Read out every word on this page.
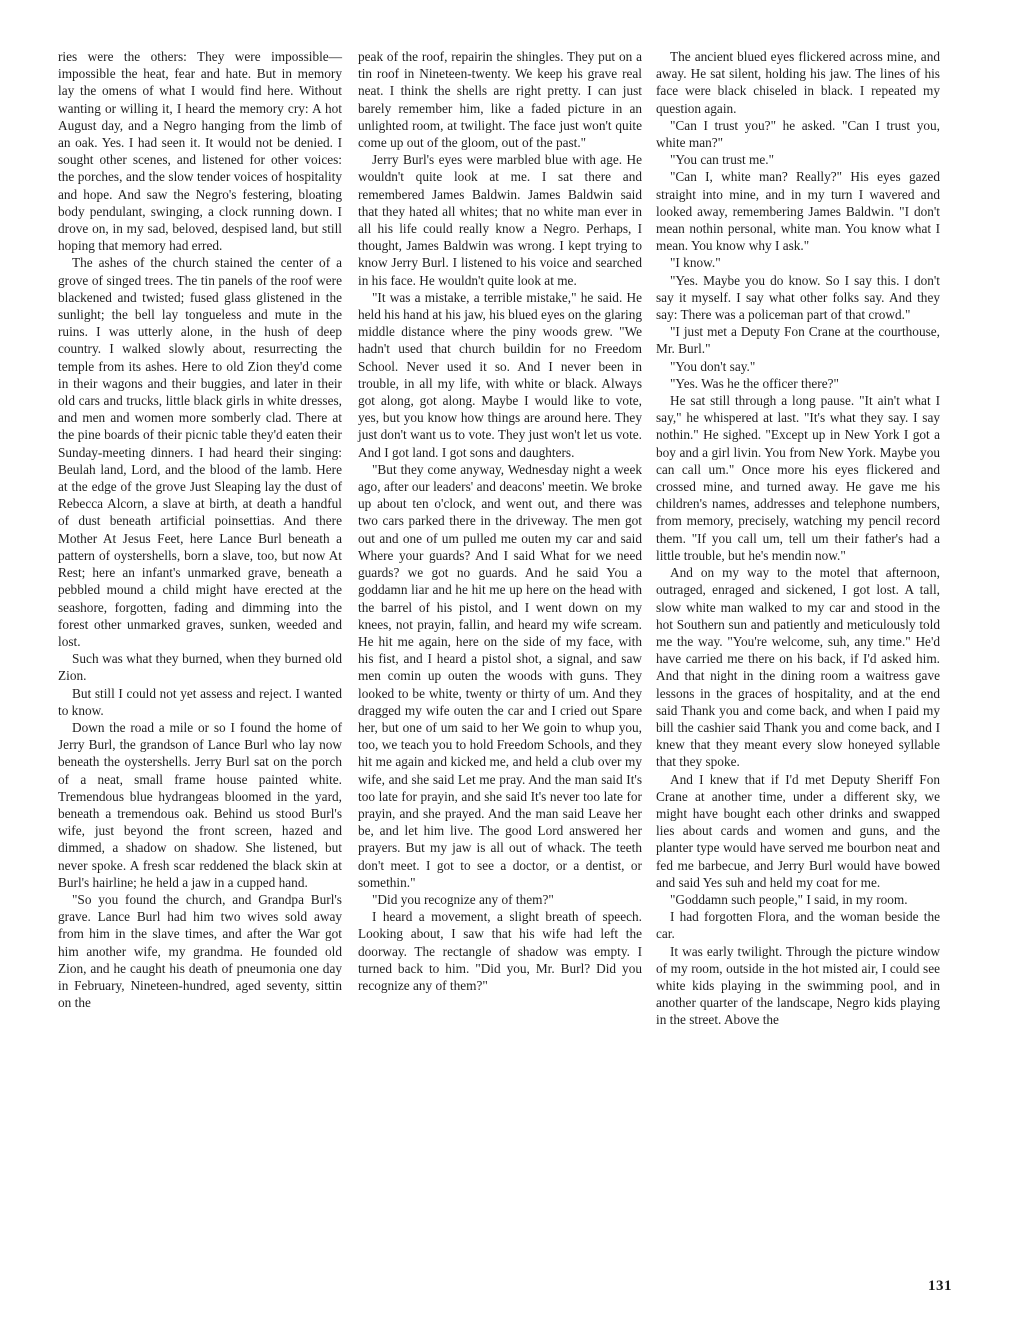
ries were the others: They were impossible—impossible the heat, fear and hate. But in memory lay the omens of what I would find here. Without wanting or willing it, I heard the memory cry: A hot August day, and a Negro hanging from the limb of an oak. Yes. I had seen it. It would not be denied. I sought other scenes, and listened for other voices: the porches, and the slow tender voices of hospitality and hope. And saw the Negro's festering, bloating body pendulant, swinging, a clock running down. I drove on, in my sad, beloved, despised land, but still hoping that memory had erred.

The ashes of the church stained the center of a grove of singed trees. The tin panels of the roof were blackened and twisted; fused glass glistened in the sunlight; the bell lay tongueless and mute in the ruins. I was utterly alone, in the hush of deep country. I walked slowly about, resurrecting the temple from its ashes. Here to old Zion they'd come in their wagons and their buggies, and later in their old cars and trucks, little black girls in white dresses, and men and women more somberly clad. There at the pine boards of their picnic table they'd eaten their Sunday-meeting dinners. I had heard their singing: Beulah land, Lord, and the blood of the lamb. Here at the edge of the grove Just Sleaping lay the dust of Rebecca Alcorn, a slave at birth, at death a handful of dust beneath artificial poinsettias. And there Mother At Jesus Feet, here Lance Burl beneath a pattern of oystershells, born a slave, too, but now At Rest; here an infant's unmarked grave, beneath a pebbled mound a child might have erected at the seashore, forgotten, fading and dimming into the forest other unmarked graves, sunken, weeded and lost.

Such was what they burned, when they burned old Zion.

But still I could not yet assess and reject. I wanted to know.

Down the road a mile or so I found the home of Jerry Burl, the grandson of Lance Burl who lay now beneath the oystershells. Jerry Burl sat on the porch of a neat, small frame house painted white. Tremendous blue hydrangeas bloomed in the yard, beneath a tremendous oak. Behind us stood Burl's wife, just beyond the front screen, hazed and dimmed, a shadow on shadow. She listened, but never spoke. A fresh scar reddened the black skin at Burl's hairline; he held a jaw in a cupped hand.

"So you found the church, and Grandpa Burl's grave. Lance Burl had him two wives sold away from him in the slave times, and after the War got him another wife, my grandma. He founded old Zion, and he caught his death of pneumonia one day in February, Nineteen-hundred, aged seventy, sittin on the

peak of the roof, repairin the shingles. They put on a tin roof in Nineteen-twenty. We keep his grave real neat. I think the shells are right pretty. I can just barely remember him, like a faded picture in an unlighted room, at twilight. The face just won't quite come up out of the gloom, out of the past."

Jerry Burl's eyes were marbled blue with age. He wouldn't quite look at me. I sat there and remembered James Baldwin. James Baldwin said that they hated all whites; that no white man ever in all his life could really know a Negro. Perhaps, I thought, James Baldwin was wrong. I kept trying to know Jerry Burl. I listened to his voice and searched in his face. He wouldn't quite look at me.

"It was a mistake, a terrible mistake," he said. He held his hand at his jaw, his blued eyes on the glaring middle distance where the piny woods grew. "We hadn't used that church buildin for no Freedom School. Never used it so. And I never been in trouble, in all my life, with white or black. Always got along, got along. Maybe I would like to vote, yes, but you know how things are around here. They just don't want us to vote. They just won't let us vote. And I got land. I got sons and daughters.

"But they come anyway, Wednesday night a week ago, after our leaders' and deacons' meetin. We broke up about ten o'clock, and went out, and there was two cars parked there in the driveway. The men got out and one of um pulled me outen my car and said Where your guards? And I said What for we need guards? we got no guards. And he said You a goddamn liar and he hit me up here on the head with the barrel of his pistol, and I went down on my knees, not prayin, fallin, and heard my wife scream. He hit me again, here on the side of my face, with his fist, and I heard a pistol shot, a signal, and saw men comin up outen the woods with guns. They looked to be white, twenty or thirty of um. And they dragged my wife outen the car and I cried out Spare her, but one of um said to her We goin to whup you, too, we teach you to hold Freedom Schools, and they hit me again and kicked me, and held a club over my wife, and she said Let me pray. And the man said It's too late for prayin, and she said It's never too late for prayin, and she prayed. And the man said Leave her be, and let him live. The good Lord answered her prayers. But my jaw is all out of whack. The teeth don't meet. I got to see a doctor, or a dentist, or somethin."

"Did you recognize any of them?"

I heard a movement, a slight breath of speech. Looking about, I saw that his wife had left the doorway. The rectangle of shadow was empty. I turned back to him. "Did you, Mr. Burl? Did you recognize any of them?"

The ancient blued eyes flickered across mine, and away. He sat silent, holding his jaw. The lines of his face were black chiseled in black. I repeated my question again.

"Can I trust you?" he asked. "Can I trust you, white man?"

"You can trust me."

"Can I, white man? Really?" His eyes gazed straight into mine, and in my turn I wavered and looked away, remembering James Baldwin. "I don't mean nothin personal, white man. You know what I mean. You know why I ask."

"I know."

"Yes. Maybe you do know. So I say this. I don't say it myself. I say what other folks say. And they say: There was a policeman part of that crowd."

"I just met a Deputy Fon Crane at the courthouse, Mr. Burl."

"You don't say."

"Yes. Was he the officer there?"

He sat still through a long pause. "It ain't what I say," he whispered at last. "It's what they say. I say nothin." He sighed. "Except up in New York I got a boy and a girl livin. You from New York. Maybe you can call um." Once more his eyes flickered and crossed mine, and turned away. He gave me his children's names, addresses and telephone numbers, from memory, precisely, watching my pencil record them. "If you call um, tell um their father's had a little trouble, but he's mendin now."

And on my way to the motel that afternoon, outraged, enraged and sickened, I got lost. A tall, slow white man walked to my car and stood in the hot Southern sun and patiently and meticulously told me the way. "You're welcome, suh, any time." He'd have carried me there on his back, if I'd asked him. And that night in the dining room a waitress gave lessons in the graces of hospitality, and at the end said Thank you and come back, and when I paid my bill the cashier said Thank you and come back, and I knew that they meant every slow honeyed syllable that they spoke.

And I knew that if I'd met Deputy Sheriff Fon Crane at another time, under a different sky, we might have bought each other drinks and swapped lies about cards and women and guns, and the planter type would have served me bourbon neat and fed me barbecue, and Jerry Burl would have bowed and said Yes suh and held my coat for me.

"Goddamn such people," I said, in my room.

I had forgotten Flora, and the woman beside the car.

It was early twilight. Through the picture window of my room, outside in the hot misted air, I could see white kids playing in the swimming pool, and in another quarter of the landscape, Negro kids playing in the street. Above the

131
